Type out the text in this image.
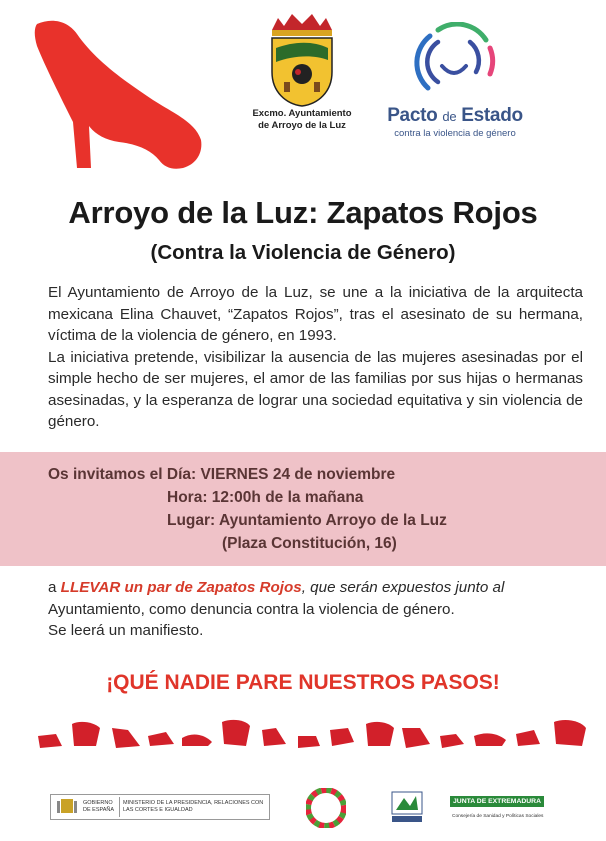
Excmo. Ayuntamiento
de Arroyo de la Luz	Pacto de Estado
contra la violencia de género
Arroyo de la Luz: Zapatos Rojos
(Contra la Violencia de Género)

El Ayuntamiento de Arroyo de la Luz, se une a la iniciativa de la arquitecta mexicana Elina Chauvet, “Zapatos Rojos”, tras el asesinato de su hermana, víctima de la violencia de género, en 1993.

La iniciativa pretende, visibilizar la ausencia de las mujeres asesinadas por el simple hecho de ser mujeres, el amor de las familias por sus hijas o hermanas asesinadas, y la esperanza de lograr una sociedad equitativa y sin violencia de género.

Os invitamos el Día: VIERNES 24 de noviembre
Hora: 12:00h de la mañana
Lugar: Ayuntamiento Arroyo de la Luz
(Plaza Constitución, 16)

a LLEVAR un par de Zapatos Rojos, que serán expuestos junto al

Ayuntamiento, como denuncia contra la violencia de género.

Se leerá un manifiesto.

¡QUÉ NADIE PARE NUESTROS PASOS!
GOBIERNO DE ESPAÑA
MINISTERIO DE LA PRESIDENCIA, RELACIONES CON LAS CORTES E IGUALDAD
JUNTA DE EXTREMADURA
Consejería de Sanidad y Políticas Sociales
